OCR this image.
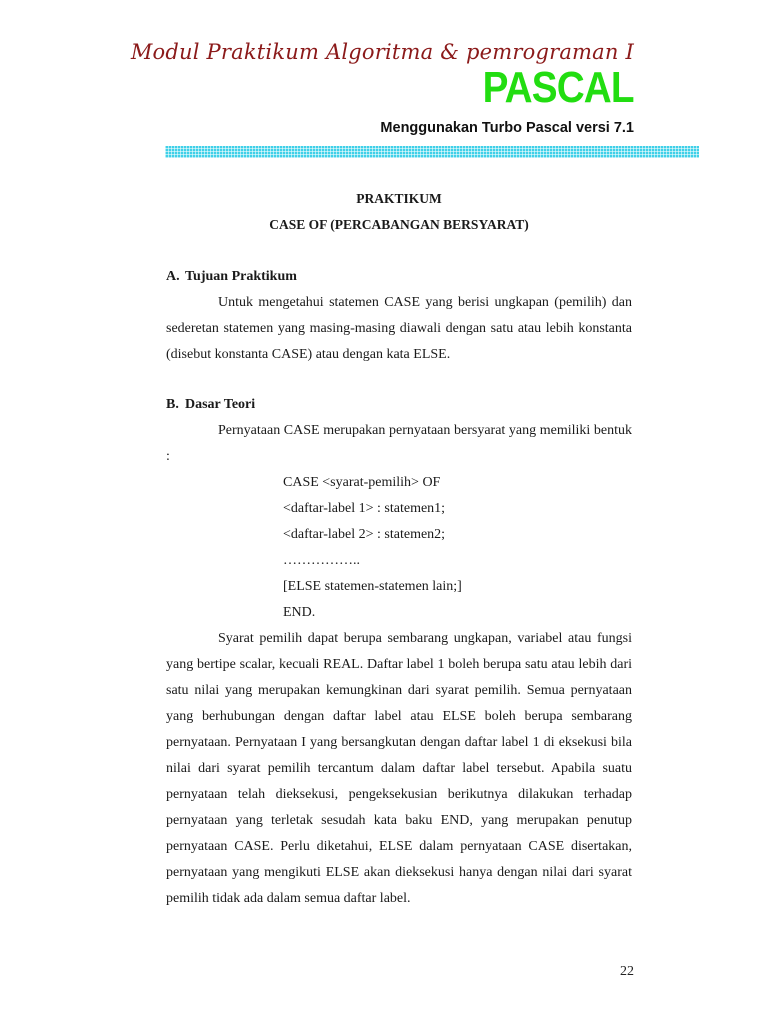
Modul Praktikum Algoritma & pemrograman I
PASCAL
Menggunakan Turbo Pascal versi 7.1
PRAKTIKUM
CASE OF (PERCABANGAN BERSYARAT)
A. Tujuan Praktikum

Untuk mengetahui statemen CASE yang berisi ungkapan (pemilih) dan sederetan statemen yang masing-masing diawali dengan satu atau lebih konstanta (disebut konstanta CASE) atau dengan kata ELSE.

B. Dasar Teori

Pernyataan CASE merupakan pernyataan bersyarat yang memiliki bentuk :

CASE <syarat-pemilih> OF
<daftar-label 1> : statemen1;
<daftar-label 2> : statemen2;
……………..
[ELSE statemen-statemen lain;]
END.

Syarat pemilih dapat berupa sembarang ungkapan, variabel atau fungsi yang bertipe scalar, kecuali REAL. Daftar label 1 boleh berupa satu atau lebih dari satu nilai yang merupakan kemungkinan dari syarat pemilih. Semua pernyataan yang berhubungan dengan daftar label atau ELSE boleh berupa sembarang pernyataan. Pernyataan I yang bersangkutan dengan daftar label 1 di eksekusi bila nilai dari syarat pemilih tercantum dalam daftar label tersebut. Apabila suatu pernyataan telah dieksekusi, pengeksekusian berikutnya dilakukan terhadap pernyataan yang terletak sesudah kata baku END, yang merupakan penutup pernyataan CASE. Perlu diketahui, ELSE dalam pernyataan CASE disertakan, pernyataan yang mengikuti ELSE akan dieksekusi hanya dengan nilai dari syarat pemilih tidak ada dalam semua daftar label.

22
